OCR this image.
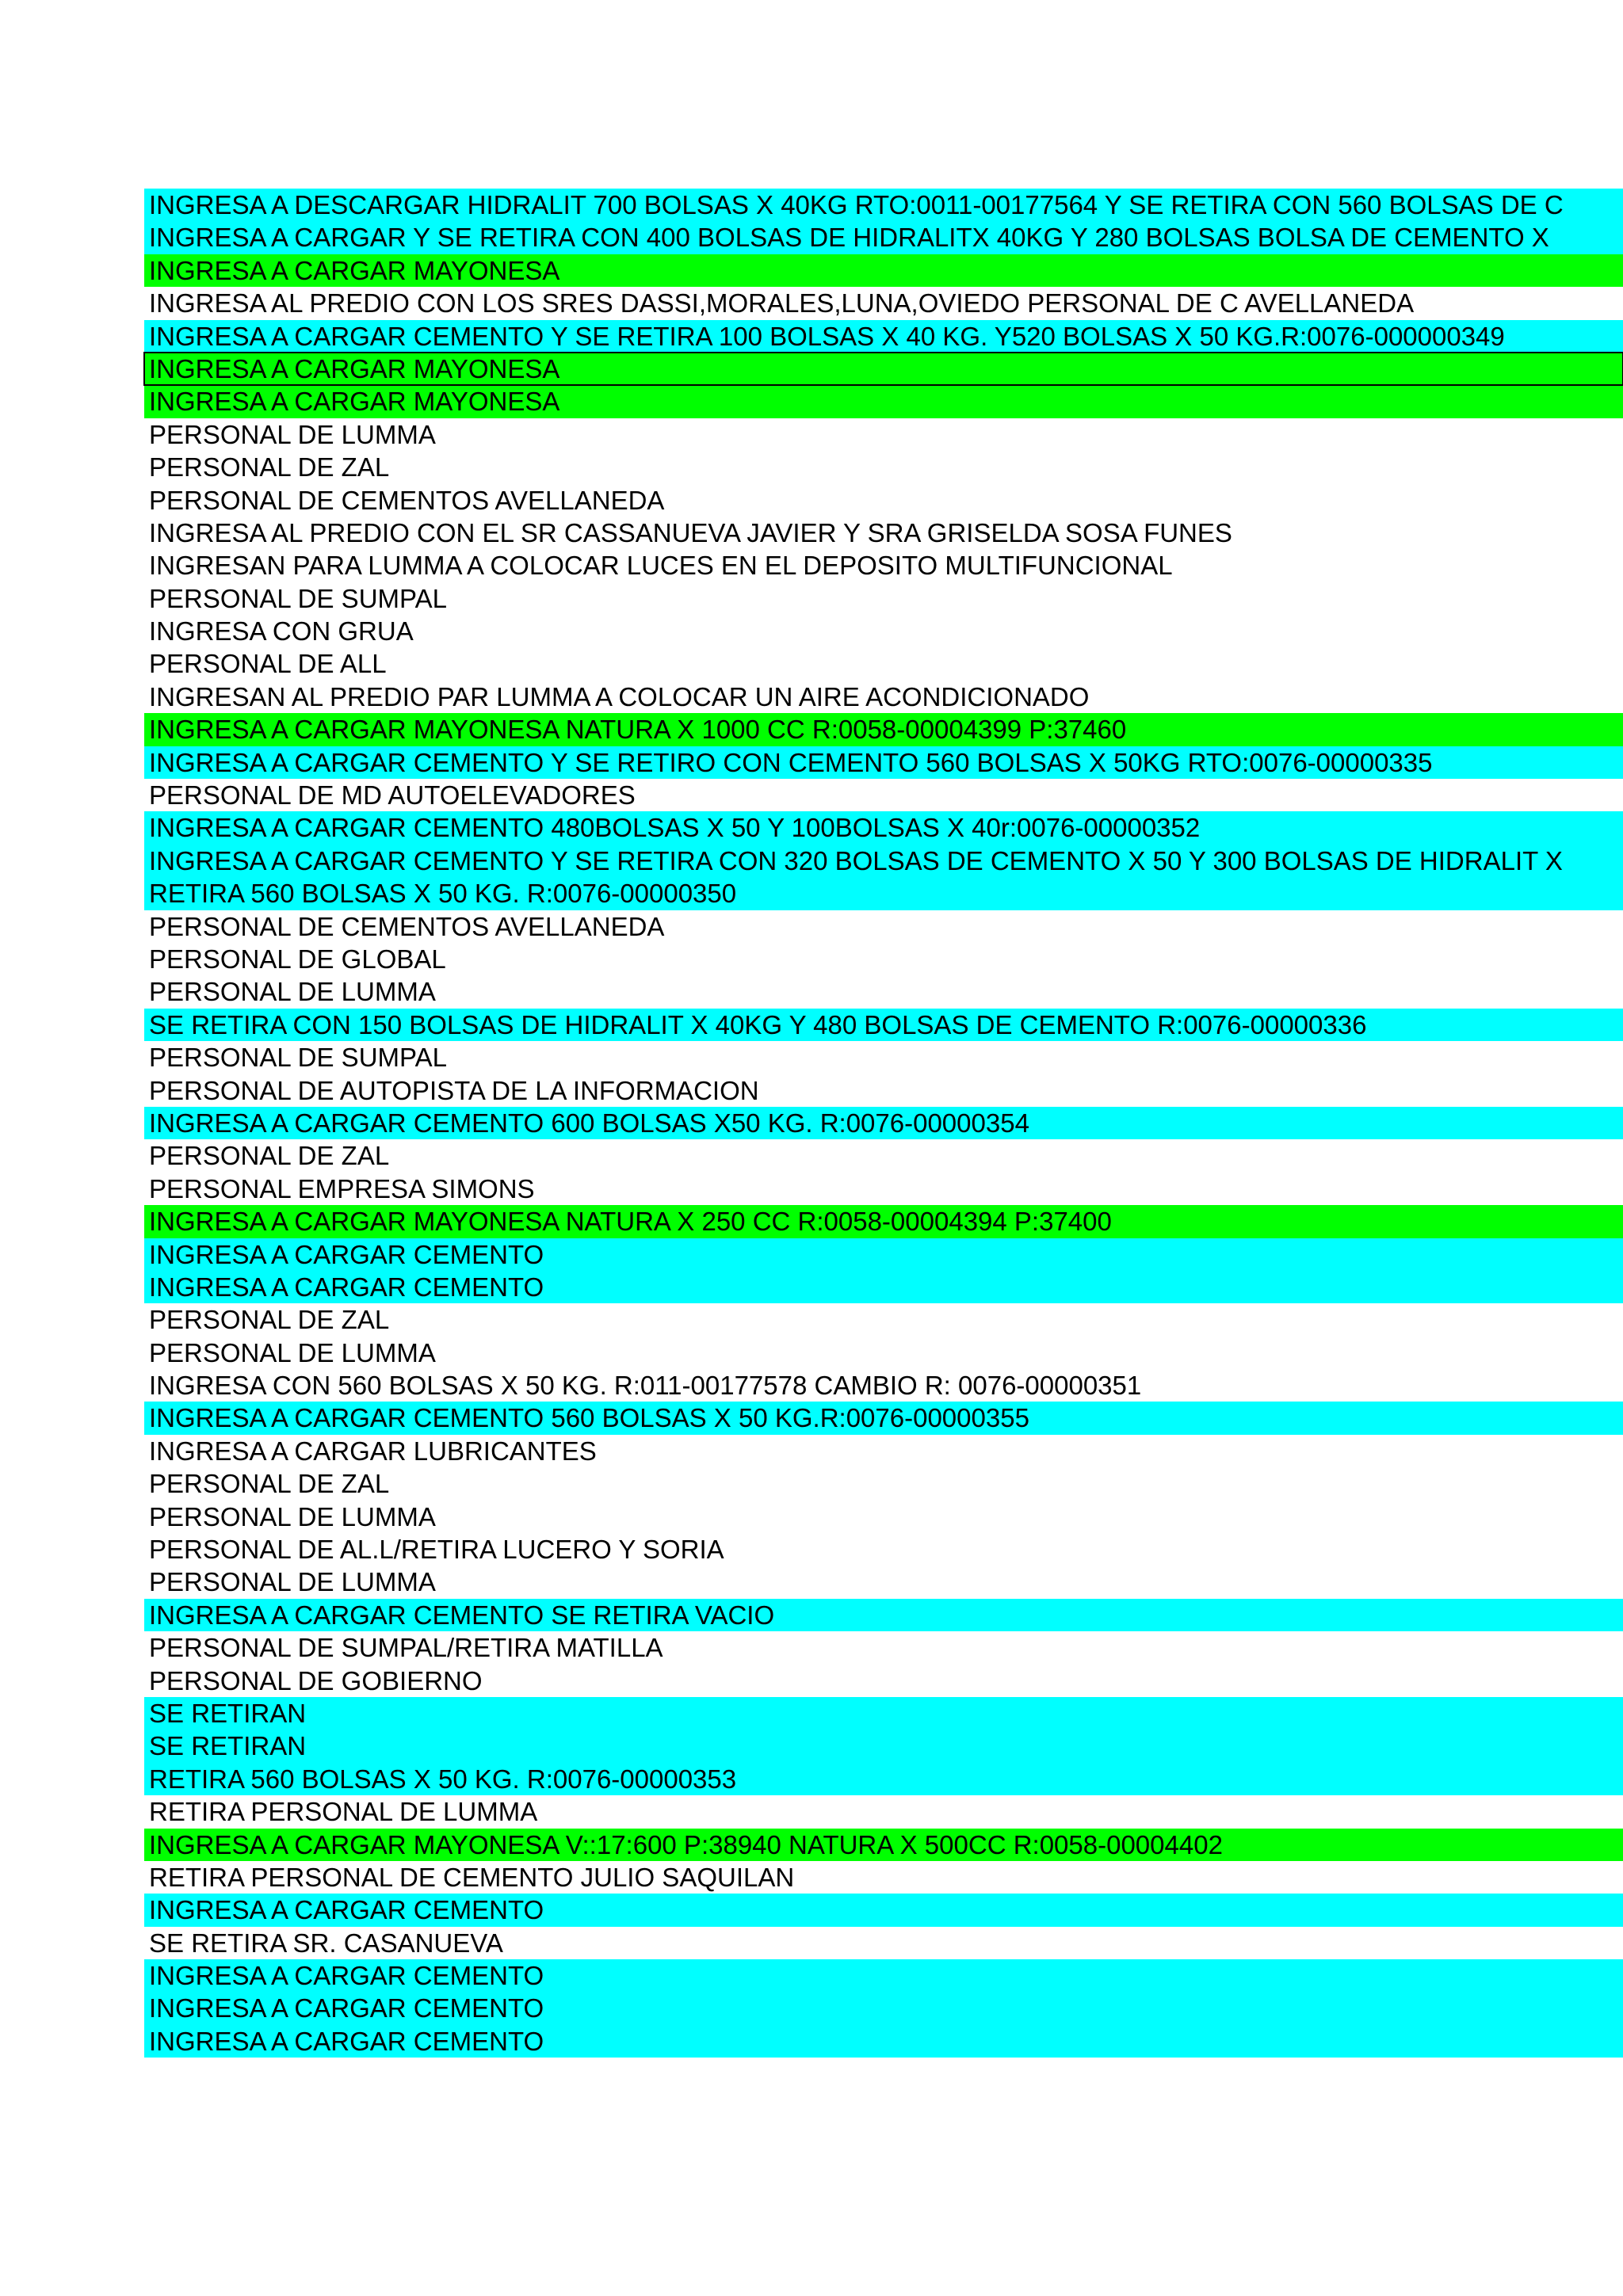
INGRESA A DESCARGAR HIDRALIT 700 BOLSAS X 40KG RTO:0011-00177564 Y SE RETIRA CON 560 BOLSAS DE C
INGRESA A CARGAR Y SE RETIRA CON 400 BOLSAS DE HIDRALITX 40KG Y 280 BOLSAS BOLSA DE CEMENTO X
INGRESA A CARGAR MAYONESA
INGRESA AL PREDIO CON LOS SRES DASSI,MORALES,LUNA,OVIEDO PERSONAL DE C AVELLANEDA
INGRESA A CARGAR CEMENTO Y SE RETIRA 100 BOLSAS X 40 KG. Y520 BOLSAS X 50 KG.R:0076-000000349
INGRESA A CARGAR MAYONESA
INGRESA A CARGAR MAYONESA
PERSONAL DE LUMMA
PERSONAL DE ZAL
PERSONAL DE CEMENTOS AVELLANEDA
INGRESA AL PREDIO CON EL SR CASSANUEVA JAVIER Y SRA GRISELDA SOSA FUNES
INGRESAN PARA LUMMA A COLOCAR LUCES EN EL DEPOSITO MULTIFUNCIONAL
PERSONAL DE SUMPAL
INGRESA CON GRUA
PERSONAL DE ALL
INGRESAN AL PREDIO PAR LUMMA A COLOCAR UN AIRE ACONDICIONADO
INGRESA A CARGAR MAYONESA NATURA X 1000 CC R:0058-00004399 P:37460
INGRESA A CARGAR CEMENTO Y SE RETIRO CON CEMENTO 560 BOLSAS X 50KG RTO:0076-00000335
PERSONAL DE MD AUTOELEVADORES
INGRESA A CARGAR CEMENTO 480BOLSAS X 50 Y 100BOLSAS X 40r:0076-00000352
INGRESA A CARGAR CEMENTO Y SE RETIRA CON 320 BOLSAS DE CEMENTO X 50 Y 300 BOLSAS DE HIDRALIT X
RETIRA 560 BOLSAS X 50 KG. R:0076-00000350
PERSONAL DE CEMENTOS AVELLANEDA
PERSONAL DE GLOBAL
PERSONAL DE LUMMA
SE RETIRA CON 150 BOLSAS DE HIDRALIT X 40KG Y 480 BOLSAS DE CEMENTO R:0076-00000336
PERSONAL DE SUMPAL
PERSONAL DE AUTOPISTA DE LA INFORMACION
INGRESA A CARGAR CEMENTO 600 BOLSAS X50 KG. R:0076-00000354
PERSONAL DE ZAL
PERSONAL EMPRESA SIMONS
INGRESA A CARGAR MAYONESA NATURA X 250 CC R:0058-00004394 P:37400
INGRESA A CARGAR CEMENTO
INGRESA A CARGAR CEMENTO
PERSONAL DE ZAL
PERSONAL DE LUMMA
INGRESA CON 560 BOLSAS X 50 KG. R:011-00177578 CAMBIO R: 0076-00000351
INGRESA A CARGAR CEMENTO 560 BOLSAS X 50 KG.R:0076-00000355
INGRESA A CARGAR LUBRICANTES
PERSONAL DE ZAL
PERSONAL DE LUMMA
PERSONAL DE AL.L/RETIRA LUCERO Y SORIA
PERSONAL DE LUMMA
INGRESA A CARGAR CEMENTO SE RETIRA VACIO
PERSONAL DE SUMPAL/RETIRA MATILLA
PERSONAL DE GOBIERNO
SE RETIRAN
SE RETIRAN
RETIRA 560 BOLSAS X 50 KG. R:0076-00000353
RETIRA PERSONAL DE LUMMA
INGRESA A CARGAR MAYONESA V::17:600 P:38940 NATURA X 500CC R:0058-00004402
RETIRA PERSONAL DE CEMENTO JULIO SAQUILAN
INGRESA A CARGAR CEMENTO
SE RETIRA SR. CASANUEVA
INGRESA A CARGAR CEMENTO
INGRESA A CARGAR CEMENTO
INGRESA A CARGAR CEMENTO
